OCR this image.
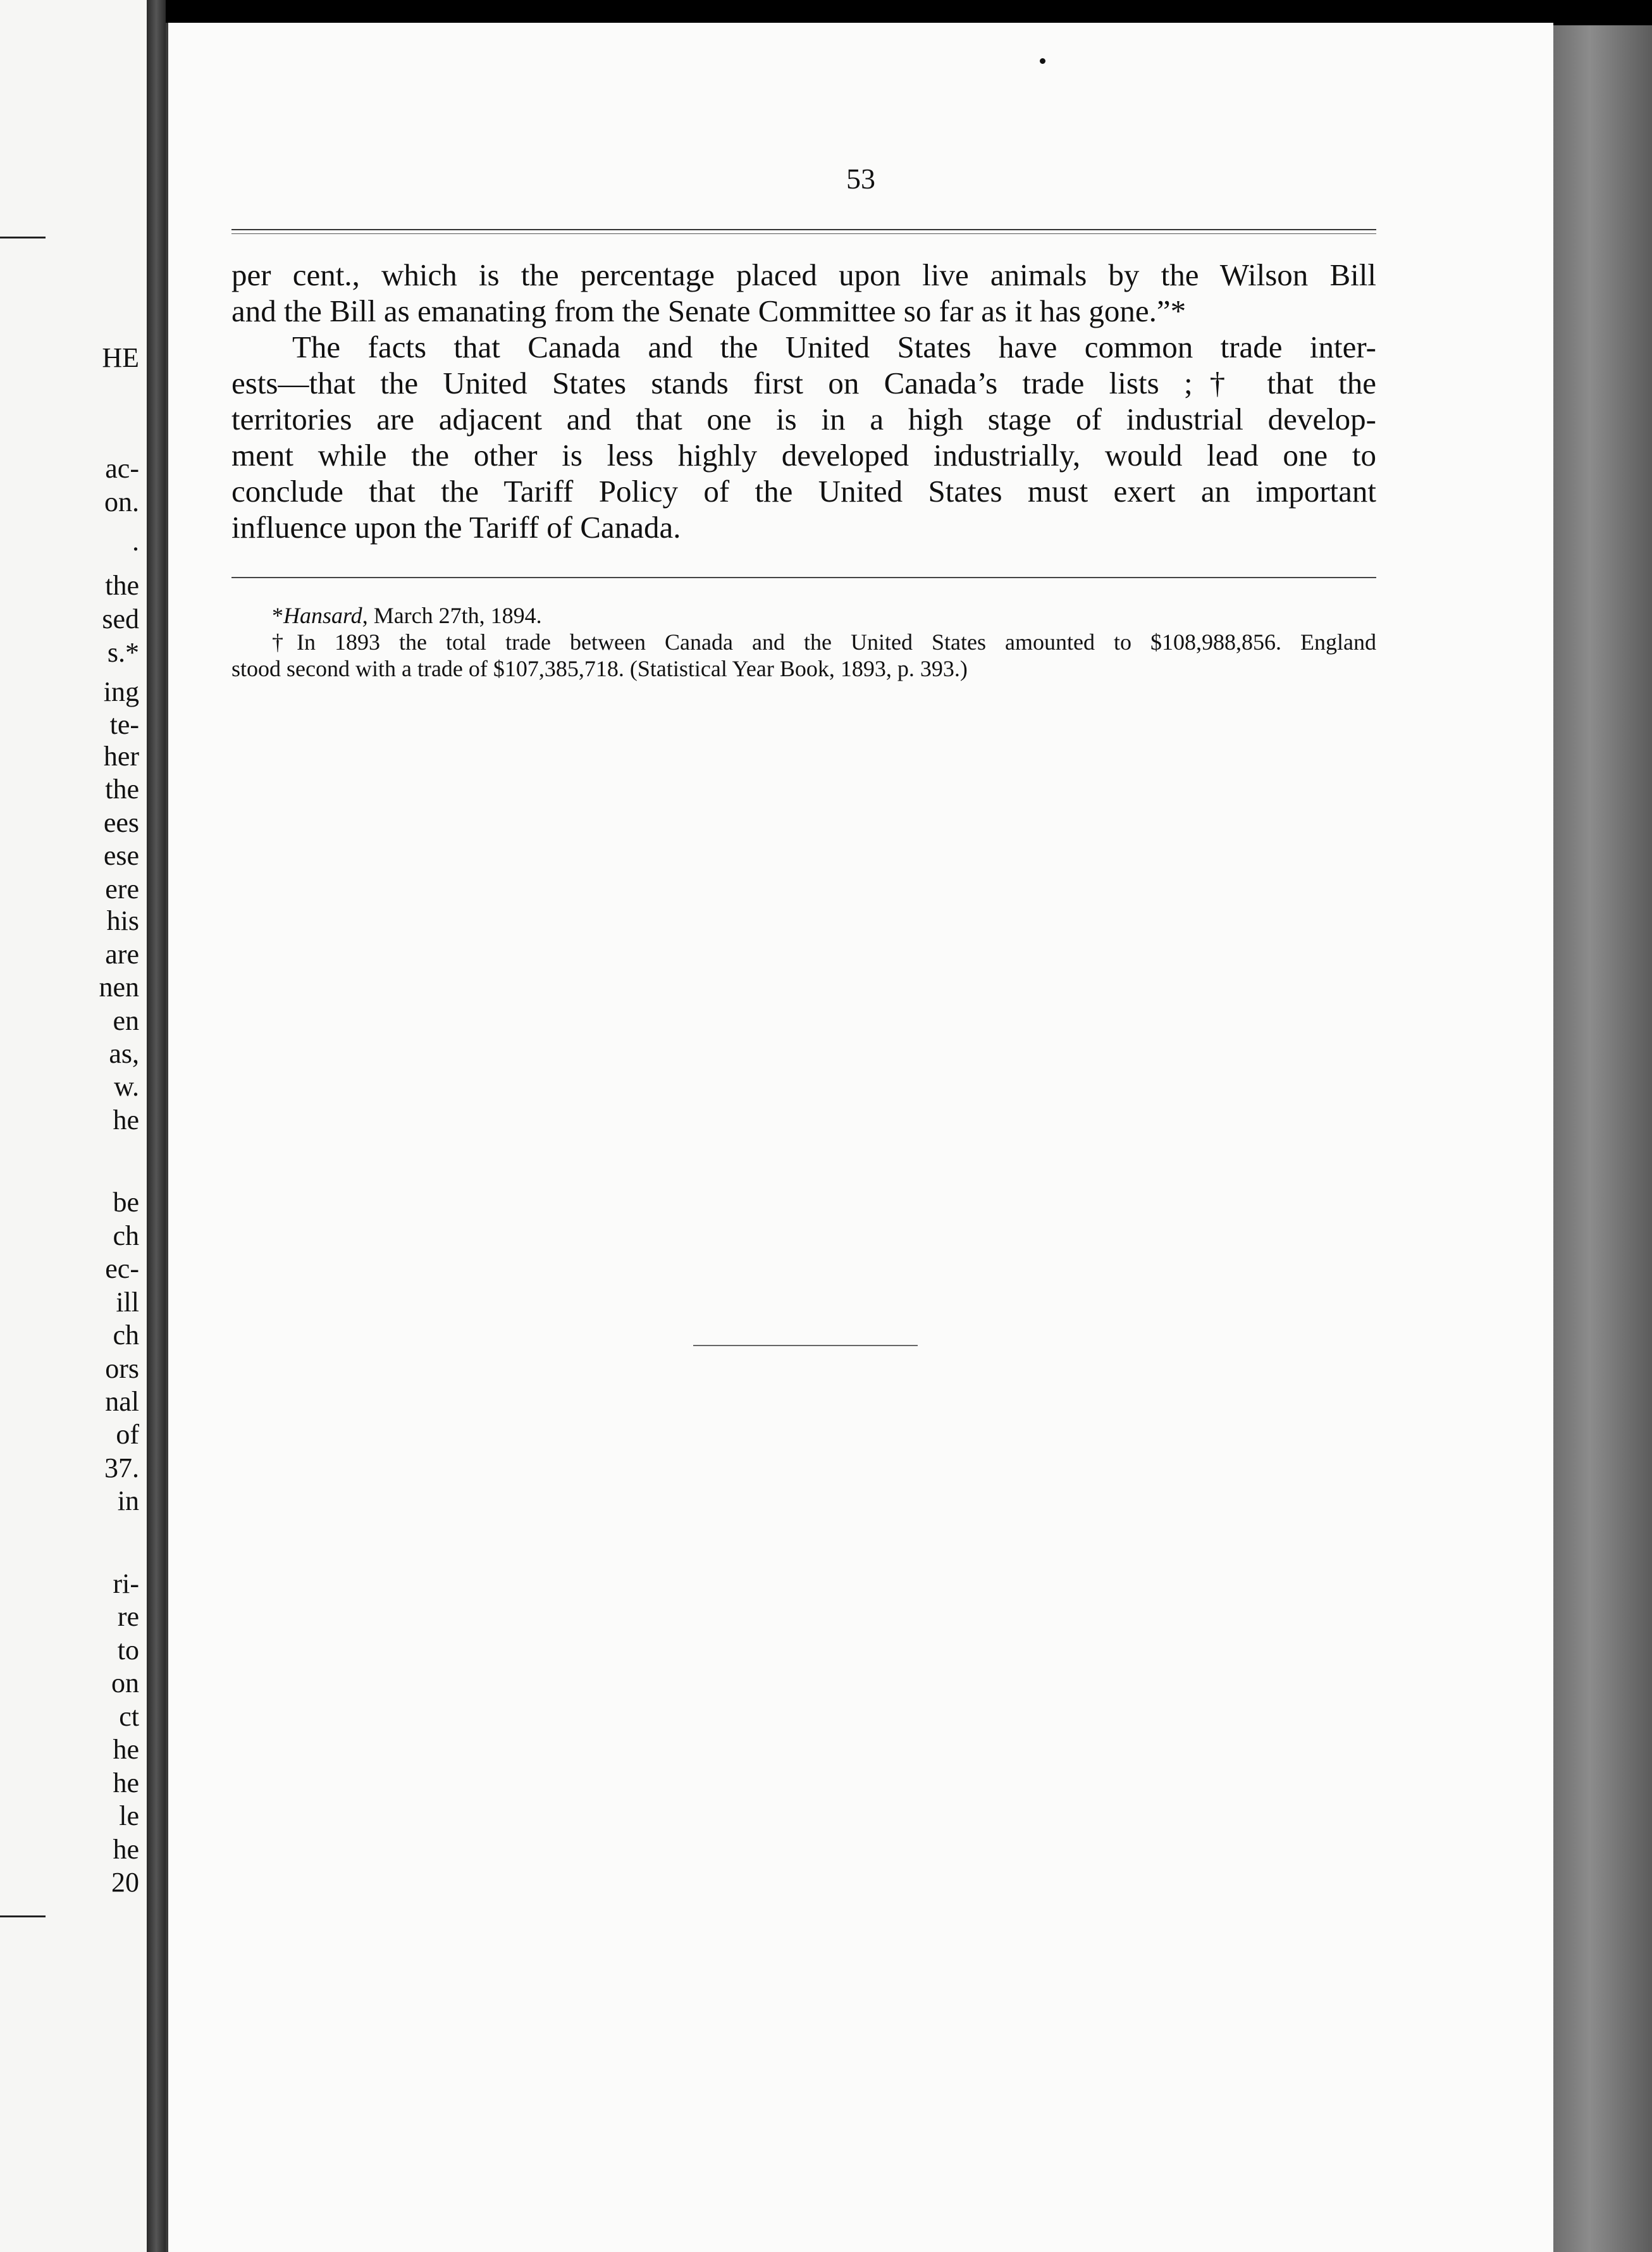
HE
ac-
on.
.
the
sed
s.*
ing
te-
her
the
ees
ese
ere
his
are
nen
en
as,
w.
he
be
ch
ec-
ill
ch
ors
nal
of
37.
in
ri-
re
to
on
ct
he
he
le
he
20
53
per cent., which is the percentage placed upon live animals by the Wilson Bill
and the Bill as emanating from the Senate Committee so far as it has gone.”*
The facts that Canada and the United States have common trade inter-
ests—that the United States stands first on Canada’s trade lists ;† that the
territories are adjacent and that one is in a high stage of industrial develop-
ment while the other is less highly developed industrially, would lead one to
conclude that the Tariff Policy of the United States must exert an important
influence upon the Tariff of Canada.
*Hansard, March 27th, 1894.
†In 1893 the total trade between Canada and the United States amounted to $108,988,856. England
stood second with a trade of $107,385,718. (Statistical Year Book, 1893, p. 393.)
